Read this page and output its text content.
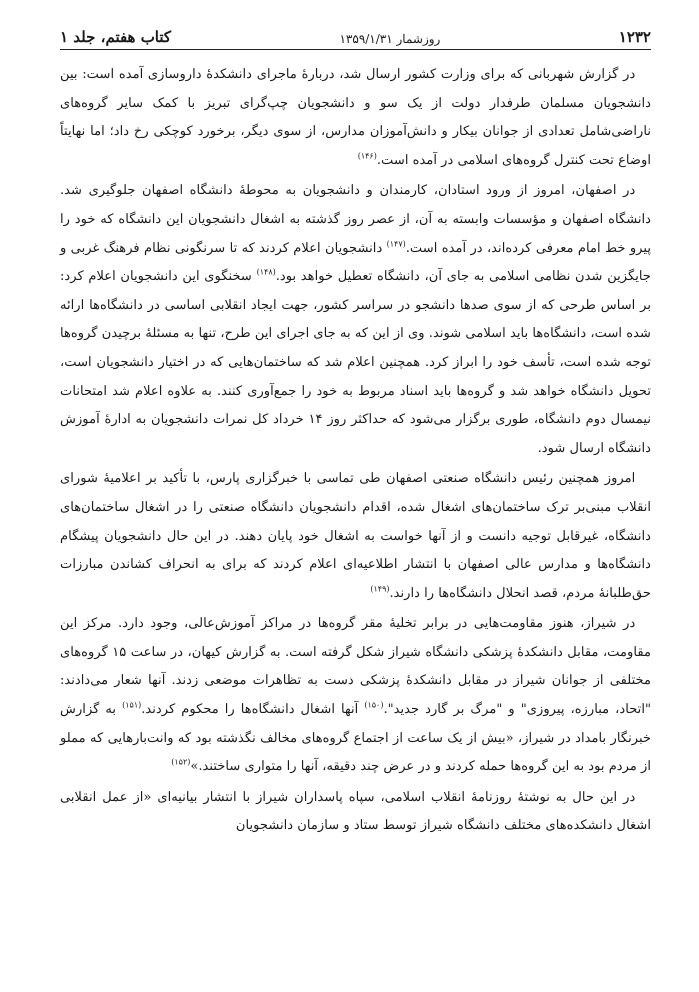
۱۲۳۲
روزشمار ۱۳۵۹/۱/۳۱
کتاب هفتم، جلد ۱

در گزارش شهربانی که برای وزارت کشور ارسال شد، دربارۀ ماجرای دانشکدۀ داروسازی آمده است: بین دانشجویان مسلمان طرفدار دولت از یک سو و دانشجویان چپ‌گرای تبریز با کمک سایر گروه‌های ناراضی‌شامل تعدادی از جوانان بیکار و دانش‌آموزان مدارس، از سوی دیگر، برخورد کوچکی رخ داد؛ اما نهایتاً اوضاع تحت کنترل گروه‌های اسلامی در آمده است.$^{(۱۴۶)}$

در اصفهان، امروز از ورود استادان، کارمندان و دانشجویان به محوطۀ دانشگاه اصفهان جلوگیری شد. دانشگاه اصفهان و مؤسسات وابسته به آن، از عصر روز گذشته به اشغال دانشجویان این دانشگاه که خود را پیرو خط امام معرفی کرده‌اند، در آمده است.$^{(۱۴۷)}$ دانشجویان اعلام کردند که تا سرنگونی نظام فرهنگ غربی و جایگزین شدن نظامی اسلامی به جای آن، دانشگاه تعطیل خواهد بود.$^{(۱۴۸)}$ سخنگوی این دانشجویان اعلام کرد: بر اساس طرحی که از سوی صدها دانشجو در سراسر کشور، جهت ایجاد انقلابی اساسی در دانشگاه‌ها ارائه شده است، دانشگاه‌ها باید اسلامی شوند. وی از این که به جای اجرای این طرح، تنها به مسئلۀ برچیدن گروه‌ها توجه شده است، تأسف خود را ابراز کرد. همچنین اعلام شد که ساختمان‌هایی که در اختیار دانشجویان است، تحویل دانشگاه خواهد شد و گروه‌ها باید اسناد مربوط به خود را جمع‌آوری کنند. به علاوه اعلام شد امتحانات نیمسال دوم دانشگاه، طوری برگزار می‌شود که حداکثر روز ۱۴ خرداد کل نمرات دانشجویان به ادارۀ آموزش دانشگاه ارسال شود.

امروز همچنین رئیس دانشگاه صنعتی اصفهان طی تماسی با خبرگزاری پارس، با تأکید بر اعلامیۀ شورای انقلاب مبنی‌بر ترک ساختمان‌های اشغال شده، اقدام دانشجویان دانشگاه صنعتی را در اشغال ساختمان‌های دانشگاه، غیرقابل توجیه دانست و از آنها خواست به اشغال خود پایان دهند. در این حال دانشجویان پیشگام دانشگاه‌ها و مدارس عالی اصفهان با انتشار اطلاعیه‌ای اعلام کردند که برای به انحراف کشاندن مبارزات حق‌طلبانۀ مردم، قصد انحلال دانشگاه‌ها را دارند.$^{(۱۴۹)}$

در شیراز، هنوز مقاومت‌هایی در برابر تخلیۀ مقر گروه‌ها در مراکز آموزش‌عالی، وجود دارد. مرکز این مقاومت، مقابل دانشکدۀ پزشکی دانشگاه شیراز شکل گرفته است. به گزارش کیهان، در ساعت ۱۵ گروه‌های مختلفی از جوانان شیراز در مقابل دانشکدۀ پزشکی دست به تظاهرات موضعی زدند. آنها شعار می‌دادند: "اتحاد، مبارزه، پیروزی" و "مرگ بر گارد جدید".$^{(۱۵۰)}$ آنها اشغال دانشگاه‌ها را محکوم کردند.$^{(۱۵۱)}$ به گزارش خبرنگار بامداد در شیراز، «بیش از یک ساعت از اجتماع گروه‌های مخالف نگذشته بود که وانت‌بارهایی که مملو از مردم بود به این گروه‌ها حمله کردند و در عرض چند دقیقه، آنها را متواری ساختند.»$^{(۱۵۲)}$

در این حال به نوشتۀ روزنامۀ انقلاب اسلامی، سپاه پاسداران شیراز با انتشار بیانیه‌ای «از عمل انقلابی اشغال دانشکده‌های مختلف دانشگاه شیراز توسط ستاد و سازمان دانشجویان
